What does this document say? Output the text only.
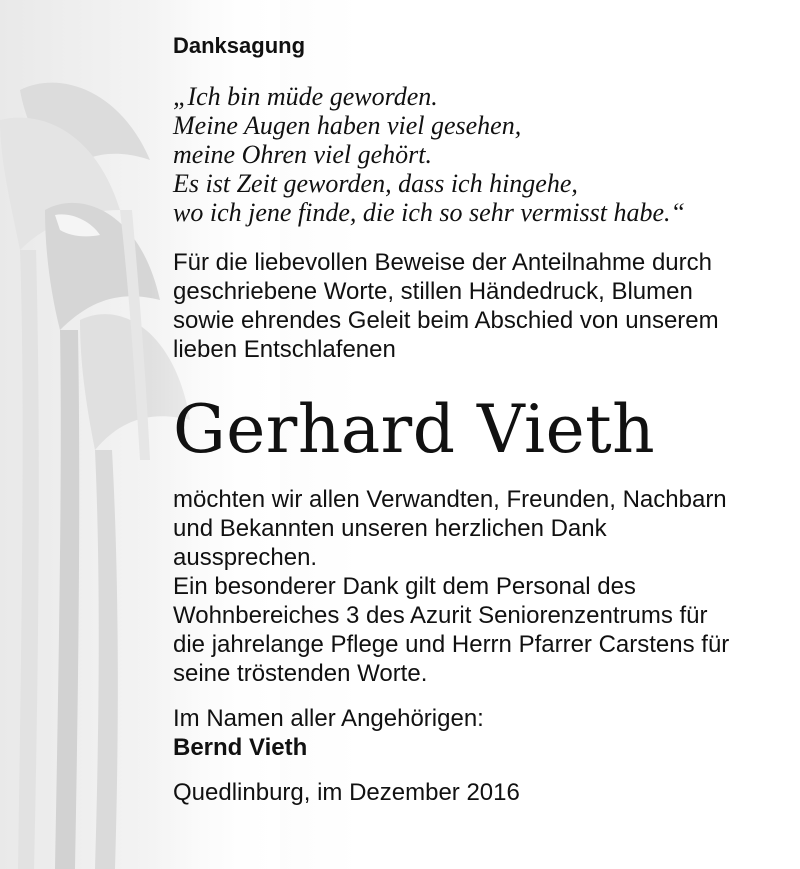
Danksagung
„Ich bin müde geworden.
Meine Augen haben viel gesehen,
meine Ohren viel gehört.
Es ist Zeit geworden, dass ich hingehe,
wo ich jene finde, die ich so sehr vermisst habe.“
Für die liebevollen Beweise der Anteilnahme durch
geschriebene Worte, stillen Händedruck, Blumen
sowie ehrendes Geleit beim Abschied von unserem
lieben Entschlafenen
Gerhard Vieth
möchten wir allen Verwandten, Freunden, Nachbarn
und Bekannten unseren herzlichen Dank
aussprechen.
Ein besonderer Dank gilt dem Personal des
Wohnbereiches 3 des Azurit Seniorenzentrums für
die jahrelange Pflege und Herrn Pfarrer Carstens für
seine tröstenden Worte.
Im Namen aller Angehörigen:
Bernd Vieth
Quedlinburg, im Dezember 2016
